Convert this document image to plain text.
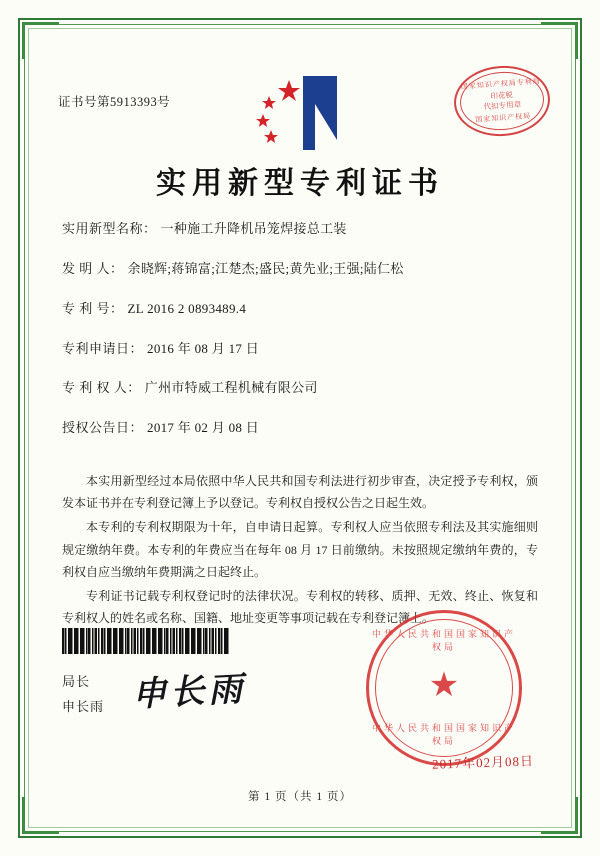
证书号第5913393号
国家知识产权局专利局
印花税
代扣专用章
国家知识产权局
实用新型专利证书
实用新型名称： 一种施工升降机吊笼焊接总工装
发 明 人： 余晓辉;蒋锦富;江楚杰;盛民;黄先业;王强;陆仁松
专 利 号： ZL 2016 2 0893489.4
专利申请日： 2016 年 08 月 17 日
专 利 权 人： 广州市特威工程机械有限公司
授权公告日： 2017 年 02 月 08 日

本实用新型经过本局依照中华人民共和国专利法进行初步审查，决定授予专利权，颁发本证书并在专利登记簿上予以登记。专利权自授权公告之日起生效。

本专利的专利权期限为十年，自申请日起算。专利权人应当依照专利法及其实施细则规定缴纳年费。本专利的年费应当在每年 08 月 17 日前缴纳。未按照规定缴纳年费的，专利权自应当缴纳年费期满之日起终止。

专利证书记载专利权登记时的法律状况。专利权的转移、质押、无效、终止、恢复和专利权人的姓名或名称、国籍、地址变更等事项记载在专利登记簿上。

局长
申长雨 申长雨
中华人民共和国国家知识产权局
★
中华人民共和国国家知识产权局
2017年02月08日
第 1 页（共 1 页）
